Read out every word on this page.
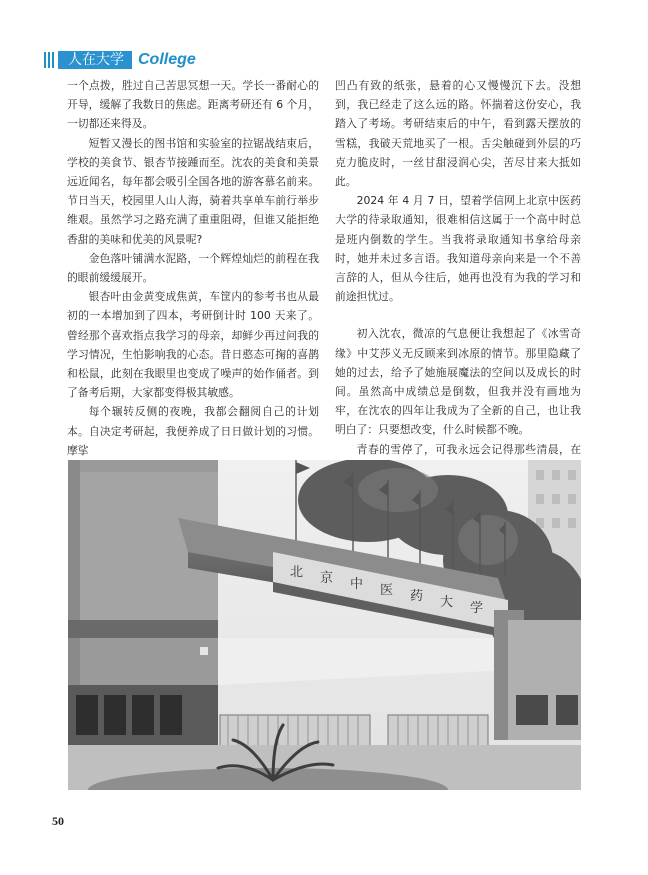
人在大学 College

一个点拨，胜过自己苦思冥想一天。学长一番耐心的开导，缓解了我数日的焦虑。距离考研还有 6 个月，一切都还来得及。

短暂又漫长的图书馆和实验室的拉锯战结束后，学校的美食节、银杏节接踵而至。沈农的美食和美景远近闻名，每年都会吸引全国各地的游客慕名前来。节日当天，校园里人山人海，骑着共享单车前行举步维艰。虽然学习之路充满了重重阻碍，但谁又能拒绝香甜的美味和优美的风景呢?

金色落叶铺满水泥路，一个辉煌灿烂的前程在我的眼前缓缓展开。

银杏叶由金黄变成焦黄，车筐内的参考书也从最初的一本增加到了四本，考研倒计时 100 天来了。曾经那个喜欢指点我学习的母亲，却鲜少再过问我的学习情况，生怕影响我的心态。昔日憨态可掬的喜鹊和松鼠，此刻在我眼里也变成了噪声的始作俑者。到了备考后期，大家都变得极其敏感。

每个辗转反侧的夜晚，我都会翻阅自己的计划本。自决定考研起，我便养成了日日做计划的习惯。摩挲

凹凸有致的纸张，悬着的心又慢慢沉下去。没想到，我已经走了这么远的路。怀揣着这份安心，我踏入了考场。考研结束后的中午，看到露天摆放的雪糕，我破天荒地买了一根。舌尖触碰到外层的巧克力脆皮时，一丝甘甜浸润心尖，苦尽甘来大抵如此。

2024 年 4 月 7 日，望着学信网上北京中医药大学的待录取通知，很难相信这属于一个高中时总是班内倒数的学生。当我将录取通知书拿给母亲时，她并未过多言语。我知道母亲向来是一个不善言辞的人，但从今往后，她再也没有为我的学习和前途担忧过。

初入沈农，微凉的气息便让我想起了《冰雪奇缘》中艾莎义无反顾来到冰原的情节。那里隐藏了她的过去，给予了她施展魔法的空间以及成长的时间。虽然高中成绩总是倒数，但我并没有画地为牢，在沈农的四年让我成为了全新的自己，也让我明白了：只要想改变，什么时候都不晚。

青春的雪停了，可我永远会记得那些清晨，在

北 京 中 医 药 大 学
50
